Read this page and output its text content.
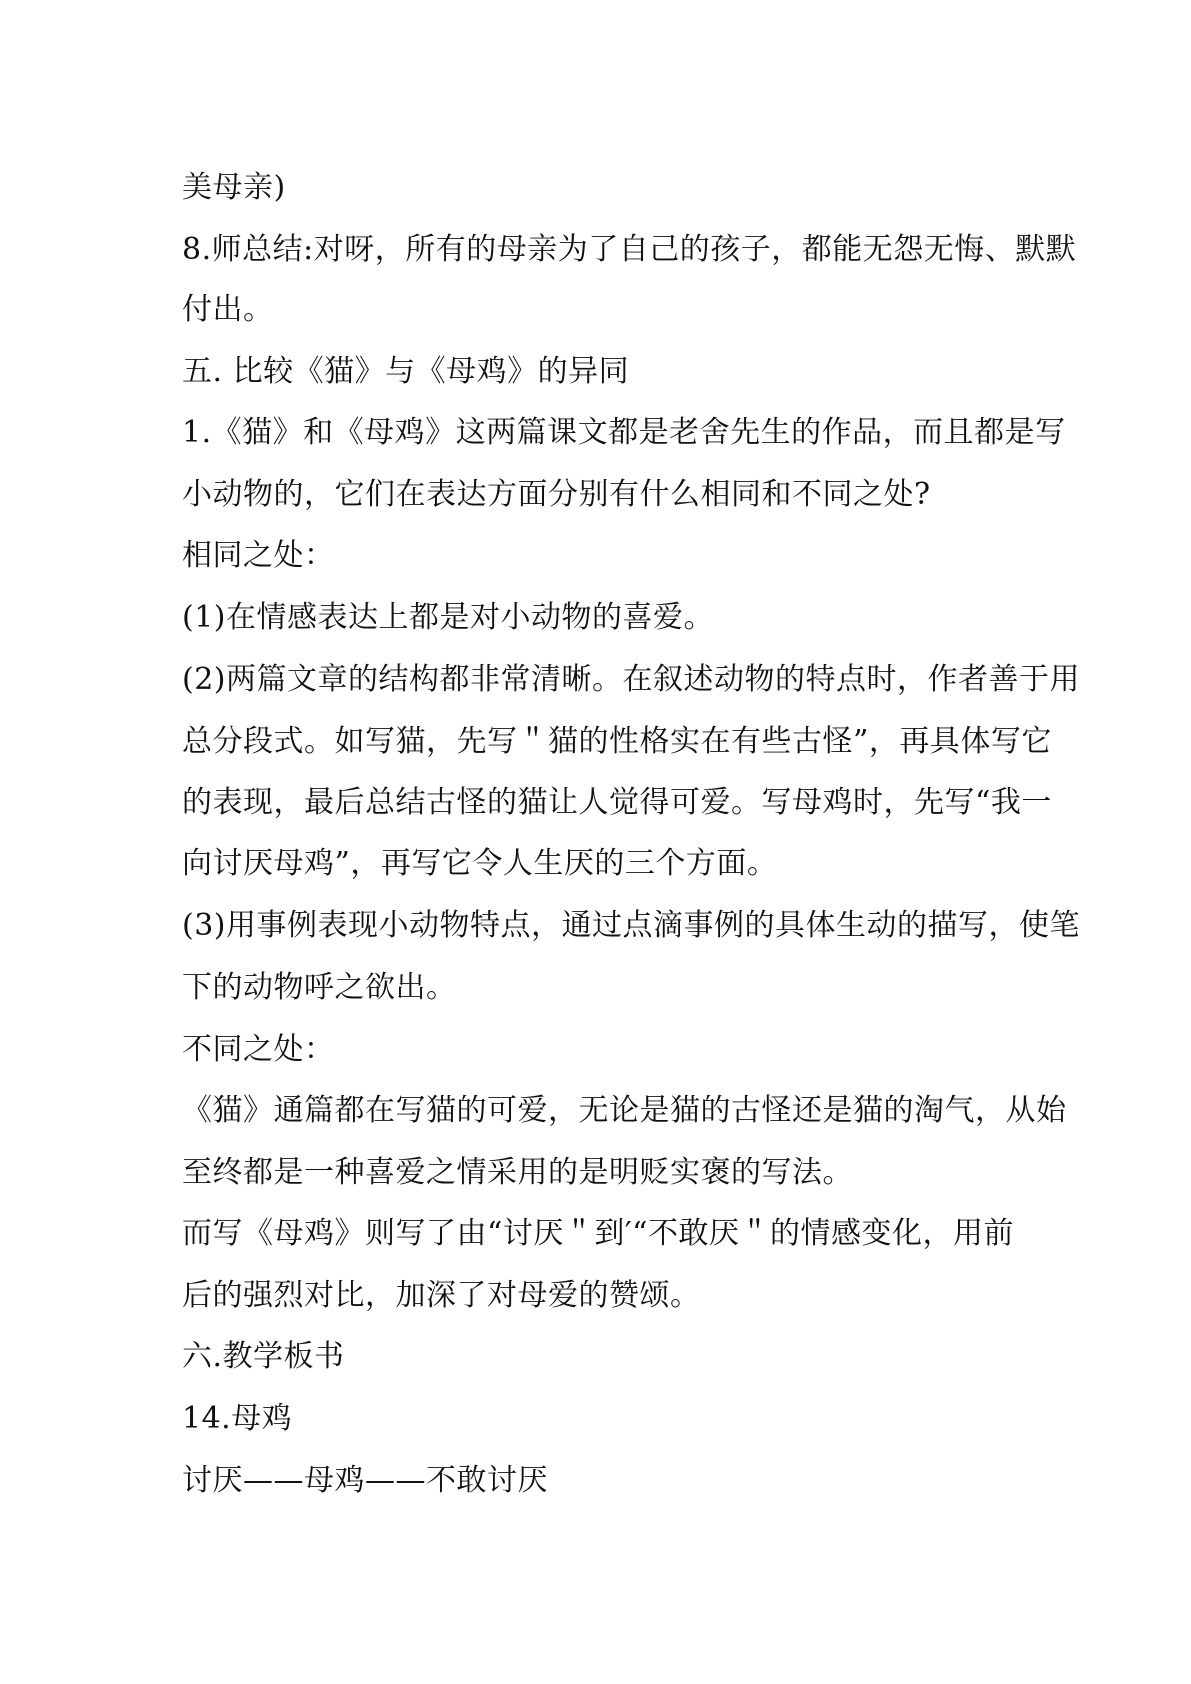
美母亲)
8.师总结:对呀，所有的母亲为了自己的孩子，都能无怨无悔、默默
付出。
五. 比较《猫》与《母鸡》的异同
1.《猫》和《母鸡》这两篇课文都是老舍先生的作品，而且都是写
小动物的，它们在表达方面分别有什么相同和不同之处?
相同之处：
(1)在情感表达上都是对小动物的喜爱。
(2)两篇文章的结构都非常清晰。在叙述动物的特点时，作者善于用
总分段式。如写猫，先写＂猫的性格实在有些古怪”，再具体写它
的表现，最后总结古怪的猫让人觉得可爱。写母鸡时，先写“我一
向讨厌母鸡”，再写它令人生厌的三个方面。
(3)用事例表现小动物特点，通过点滴事例的具体生动的描写，使笔
下的动物呼之欲出。
不同之处：
《猫》通篇都在写猫的可爱，无论是猫的古怪还是猫的淘气，从始
至终都是一种喜爱之情采用的是明贬实褒的写法。
而写《母鸡》则写了由“讨厌＂到′“不敢厌＂的情感变化，用前
后的强烈对比，加深了对母爱的赞颂。
六.教学板书
14.母鸡
讨厌——母鸡——不敢讨厌
